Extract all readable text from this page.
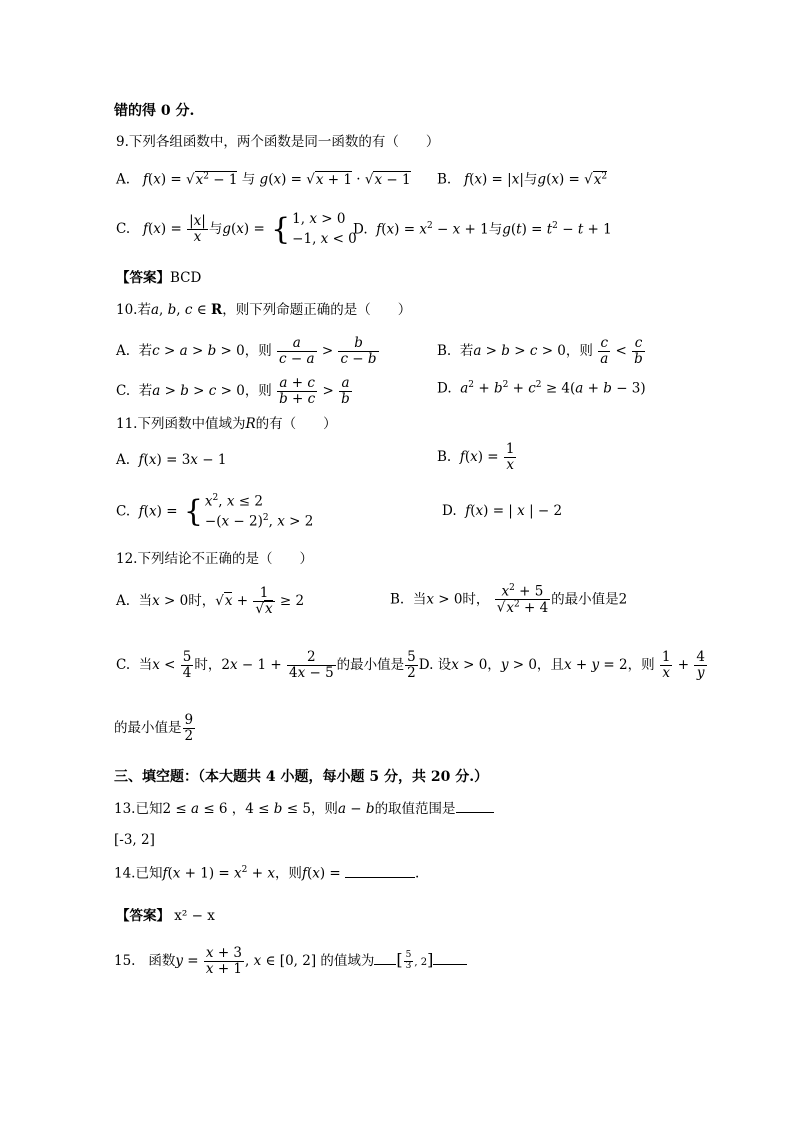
错的得 0 分.
9.下列各组函数中，两个函数是同一函数的有（　　）
A. $f(x) = √x^2 - 1$ 与 g(x) = √x + 1 · √x − 1 B. f(x) = |x|与$g(x) = √x^2$
C. $f(x) = \frac{|x|}{x}$ 与g(x) = { 1, x > 0
−1, x < 0
D. $f(x) = x^2 - x + 1$与$g(t) = t^2 - t + 1$
【答案】BCD
10.若a, b, c ∈ R，则下列命题正确的是（　　）
A. 若c > a > b > 0，则 $\frac{a}{c - a} > \frac{b}{c - b}$	B. 若a > b > c > 0，则 $\frac{c}{a} < \frac{c}{b}$
C. 若a > b > c > 0，则 $\frac{a + c}{b + c} > \frac{a}{b}$	D. $a^2 + b^2 + c^2 \ge 4(a + b - 3)$
11.下列函数中值域为R的有（　　）
A. f(x) = 3x − 1	B. $f(x) = \frac{1}{x}$
C. f(x) = { $x^2$, x ≤ 2
$-(x - 2)^2$, x > 2
D. f(x) = | x | − 2
12.下列结论不正确的是（　　）
A. 当x > 0时，$√x + \frac{1}{√x} \ge 2$	B. 当x > 0时， $\frac{x^2 + 5}{√x^2 + 4}$ 的最小值是2
C. 当$x < \frac{5}{4}$ 时，$2x - 1 + \frac{2}{4x - 5}$ 的最小值是 $\frac{5}{2} D$. 设x > 0，y > 0，且x + y = 2，则 $\frac{1}{x} + \frac{4}{y}$
的最小值是 $\frac{9}{2}$
三、填空题：（本大题共 4 小题，每小题 5 分，共 20 分.）
13.已知2 ≤ a ≤ 6 ，4 ≤ b ≤ 5，则a − b的取值范围是
[-3, 2]
14.已知$f(x + 1) = x^2 + x$，则f(x) =	.
【答案】 x² − x
15. 函数$y = \frac{x + 3}{x + 1}$ , x ∈ [0, 2] 的值域为 [ $\frac{5}{3}$ , 2]
